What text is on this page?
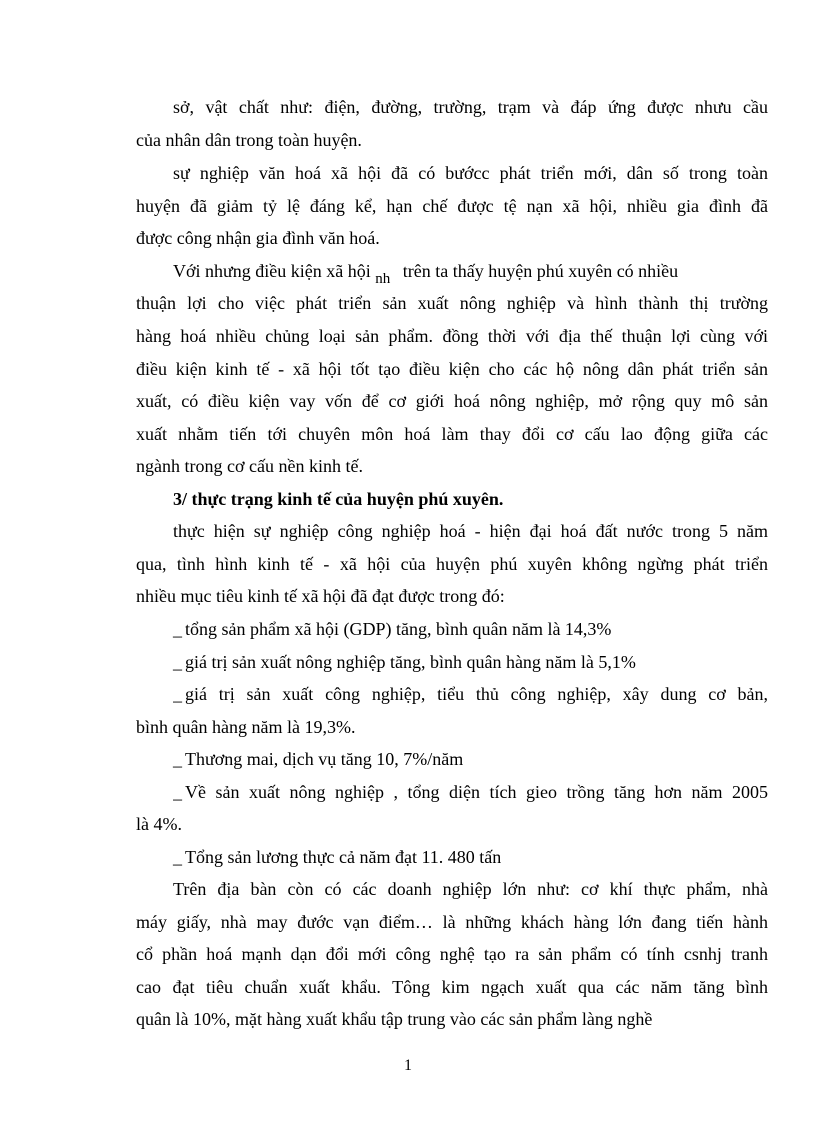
sở, vật chất như: điện, đường, trường, trạm và đáp ứng được nhưu cầu
của nhân dân trong toàn huyện.
sự nghiệp văn hoá xã hội đã có bướcc phát triển mới, dân số trong toàn
huyện đã giảm tỷ lệ đáng kể, hạn chế được tệ nạn xã hội, nhiều gia đình đã
được công nhận gia đình văn hoá.
Với nhưng điều kiện xã hội $_{nh}$ trên ta thấy huyện phú xuyên có nhiều
thuận lợi cho việc phát triển sản xuất nông nghiệp và hình thành thị trường
hàng hoá nhiều chủng loại sản phẩm. đồng thời với địa thế thuận lợi cùng với
điều kiện kinh tế - xã hội tốt tạo điều kiện cho các hộ nông dân phát triển sản
xuất, có điều kiện vay vốn để cơ giới hoá nông nghiệp, mở rộng quy mô sản
xuất nhằm tiến tới chuyên môn hoá làm thay đổi cơ cấu lao động giữa các
ngành trong cơ cấu nền kinh tế.
3/ thực trạng kinh tế của huyện phú xuyên.
thực hiện sự nghiệp công nghiệp hoá - hiện đại hoá đất nước trong 5 năm
qua, tình hình kinh tế - xã hội của huyện phú xuyên không ngừng phát triển
nhiều mục tiêu kinh tế xã hội đã đạt được trong đó:
_ tổng sản phẩm xã hội (GDP) tăng, bình quân năm là 14,3%
_ giá trị sản xuất nông nghiệp tăng, bình quân hàng năm là 5,1%
_ giá trị sản xuất công nghiệp, tiểu thủ công nghiệp, xây dung cơ bản,
bình quân hàng năm là 19,3%.
_ Thương mai, dịch vụ tăng 10, 7%/năm
_ Về sản xuất nông nghiệp , tổng diện tích gieo trồng tăng hơn năm 2005
là 4%.
_ Tổng sản lương thực cả năm đạt 11. 480 tấn
Trên địa bàn còn có các doanh nghiệp lớn như: cơ khí thực phẩm, nhà
máy giấy, nhà may đước vạn điểm… là những khách hàng lớn đang tiến hành
cổ phần hoá mạnh dạn đổi mới công nghệ tạo ra sản phẩm có tính csnhj tranh
cao đạt tiêu chuẩn xuất khẩu. Tông kim ngạch xuất qua các năm tăng bình
quân là 10%, mặt hàng xuất khẩu tập trung vào các sản phẩm làng nghề
1
